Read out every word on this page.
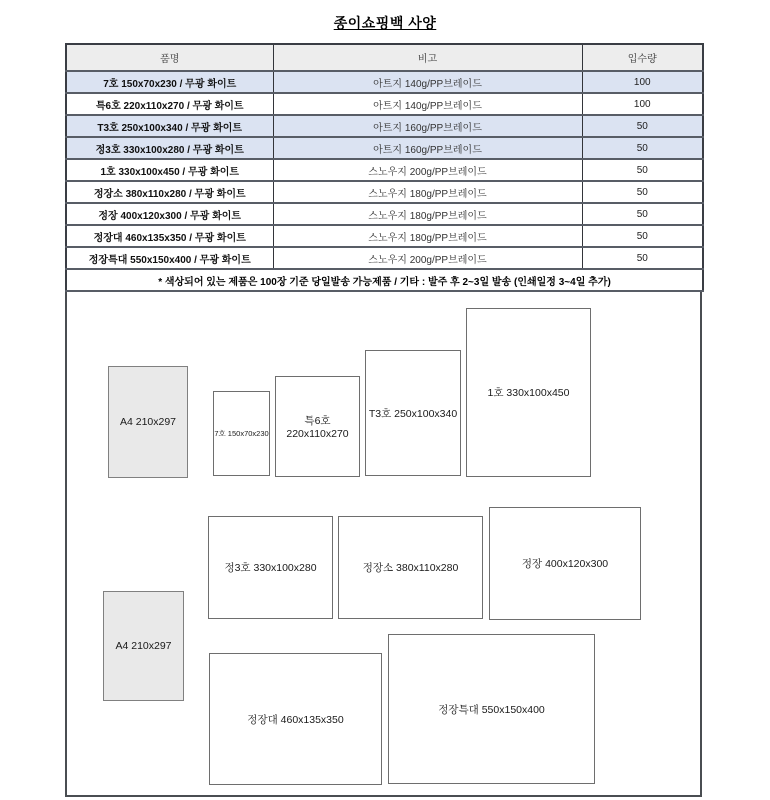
종이쇼핑백 사양
품명	비고	입수량
7호 150x70x230 / 무광 화이트	아트지 140g/PP브레이드	100
특6호 220x110x270 / 무광 화이트	아트지 140g/PP브레이드	100
T3호 250x100x340 / 무광 화이트	아트지 160g/PP브레이드	50
정3호 330x100x280 / 무광 화이트	아트지 160g/PP브레이드	50
1호 330x100x450 / 무광 화이트	스노우지 200g/PP브레이드	50
정장소 380x110x280 / 무광 화이트	스노우지 180g/PP브레이드	50
정장 400x120x300 / 무광 화이트	스노우지 180g/PP브레이드	50
정장대 460x135x350 / 무광 화이트	스노우지 180g/PP브레이드	50
정장특대 550x150x400 / 무광 화이트	스노우지 200g/PP브레이드	50
* 색상되어 있는 제품은 100장 기준 당일발송 가능제품 / 기타 : 발주 후 2~3일 발송 (인쇄일정 3~4일 추가)		
A4 210x297
7호 150x70x230
특6호 220x110x270
T3호 250x100x340
1호 330x100x450
정3호 330x100x280	정장소 380x110x280	정장 400x120x300
A4 210x297
정장대 460x135x350
정장특대 550x150x400
